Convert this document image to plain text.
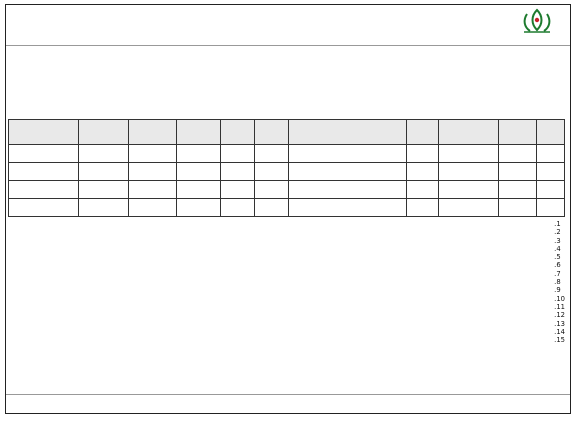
1.
2.
3.
4.
5.
6.
7.
8.
9.
10.
11.
12.
13.
14.
15.
